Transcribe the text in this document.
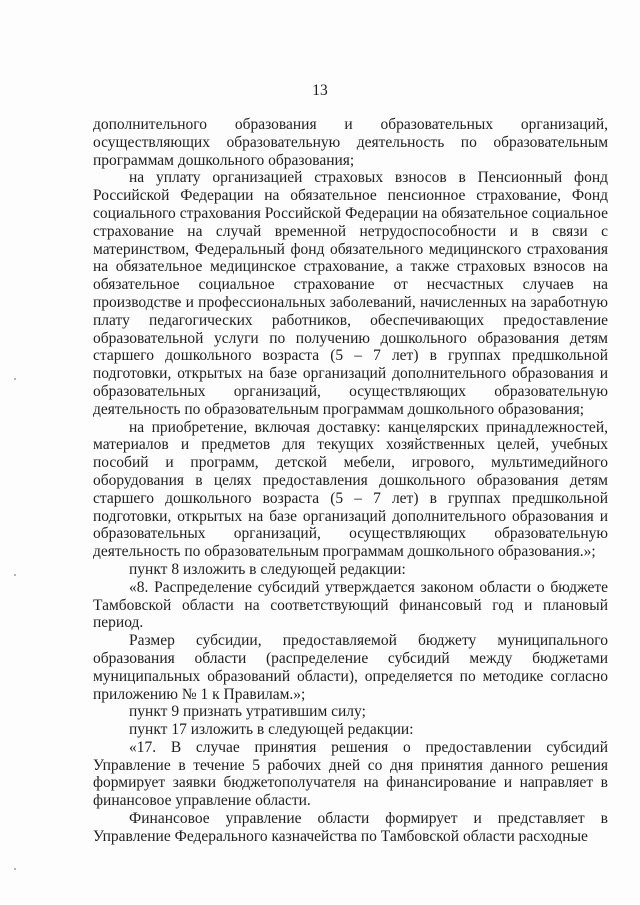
13

дополнительного образования и образовательных организаций, осуществляющих образовательную деятельность по образовательным программам дошкольного образования;

на уплату организацией страховых взносов в Пенсионный фонд Российской Федерации на обязательное пенсионное страхование, Фонд социального страхования Российской Федерации на обязательное социальное страхование на случай временной нетрудоспособности и в связи с материнством, Федеральный фонд обязательного медицинского страхования на обязательное медицинское страхование, а также страховых взносов на обязательное социальное страхование от несчастных случаев на производстве и профессиональных заболеваний, начисленных на заработную плату педагогических работников, обеспечивающих предоставление образовательной услуги по получению дошкольного образования детям старшего дошкольного возраста (5 – 7 лет) в группах предшкольной подготовки, открытых на базе организаций дополнительного образования и образовательных организаций, осуществляющих образовательную деятельность по образовательным программам дошкольного образования;

на приобретение, включая доставку: канцелярских принадлежностей, материалов и предметов для текущих хозяйственных целей, учебных пособий и программ, детской мебели, игрового, мультимедийного оборудования в целях предоставления дошкольного образования детям старшего дошкольного возраста (5 – 7 лет) в группах предшкольной подготовки, открытых на базе организаций дополнительного образования и образовательных организаций, осуществляющих образовательную деятельность по образовательным программам дошкольного образования.»;

пункт 8 изложить в следующей редакции:

«8. Распределение субсидий утверждается законом области о бюджете Тамбовской области на соответствующий финансовый год и плановый период.

Размер субсидии, предоставляемой бюджету муниципального образования области (распределение субсидий между бюджетами муниципальных образований области), определяется по методике согласно приложению № 1 к Правилам.»;

пункт 9 признать утратившим силу;

пункт 17 изложить в следующей редакции:

«17. В случае принятия решения о предоставлении субсидий Управление в течение 5 рабочих дней со дня принятия данного решения формирует заявки бюджетополучателя на финансирование и направляет в финансовое управление области.

Финансовое управление области формирует и представляет в Управление Федерального казначейства по Тамбовской области расходные
